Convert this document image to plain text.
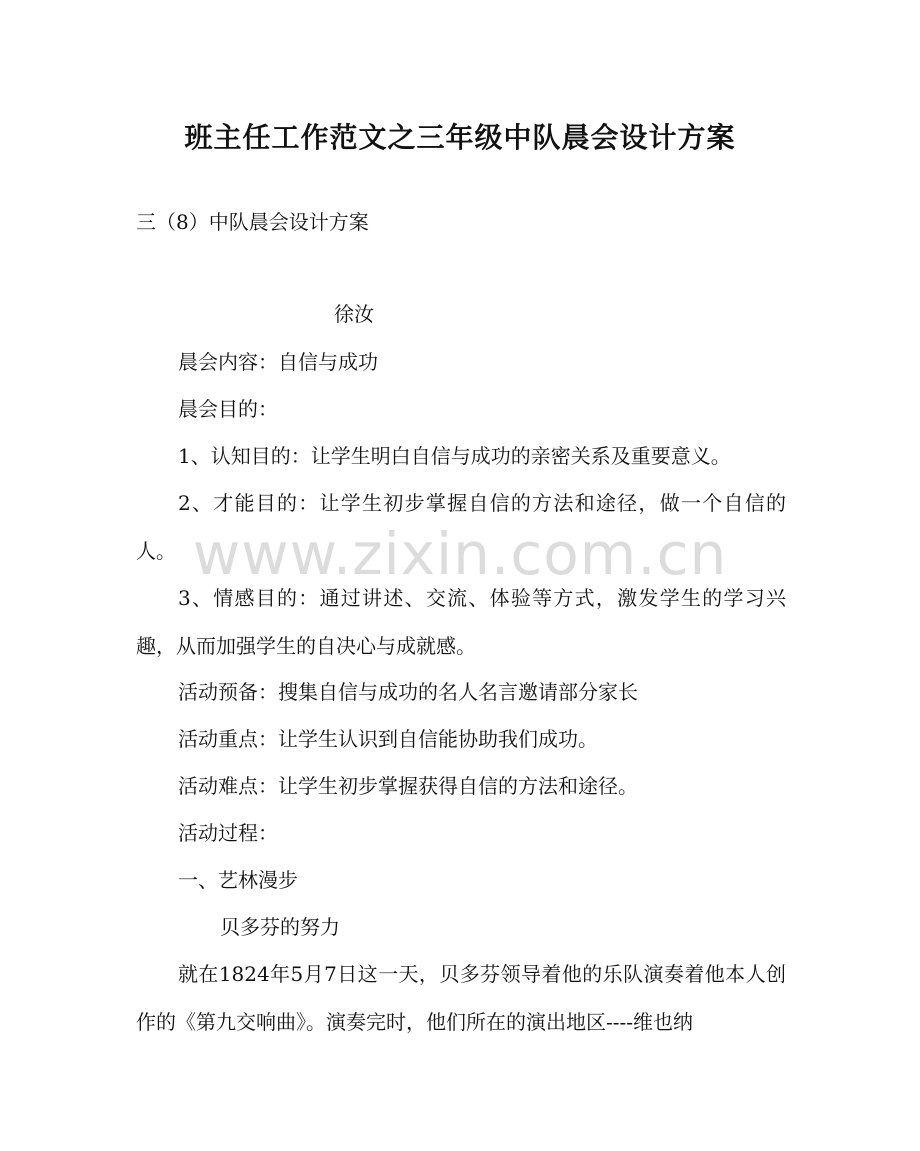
班主任工作范文之三年级中队晨会设计方案
三（8）中队晨会设计方案
徐汝
晨会内容：自信与成功
晨会目的：
1、认知目的：让学生明白自信与成功的亲密关系及重要意义。
2、才能目的：让学生初步掌握自信的方法和途径，做一个自信的人。
3、情感目的：通过讲述、交流、体验等方式，激发学生的学习兴趣，从而加强学生的自决心与成就感。
活动预备：搜集自信与成功的名人名言邀请部分家长
活动重点：让学生认识到自信能协助我们成功。
活动难点：让学生初步掌握获得自信的方法和途径。
活动过程：
一、艺林漫步
贝多芬的努力
就在1824年5月7日这一天，贝多芬领导着他的乐队演奏着他本人创作的《第九交响曲》。演奏完时，他们所在的演出地区----维也纳
www.zixin.com.cn
